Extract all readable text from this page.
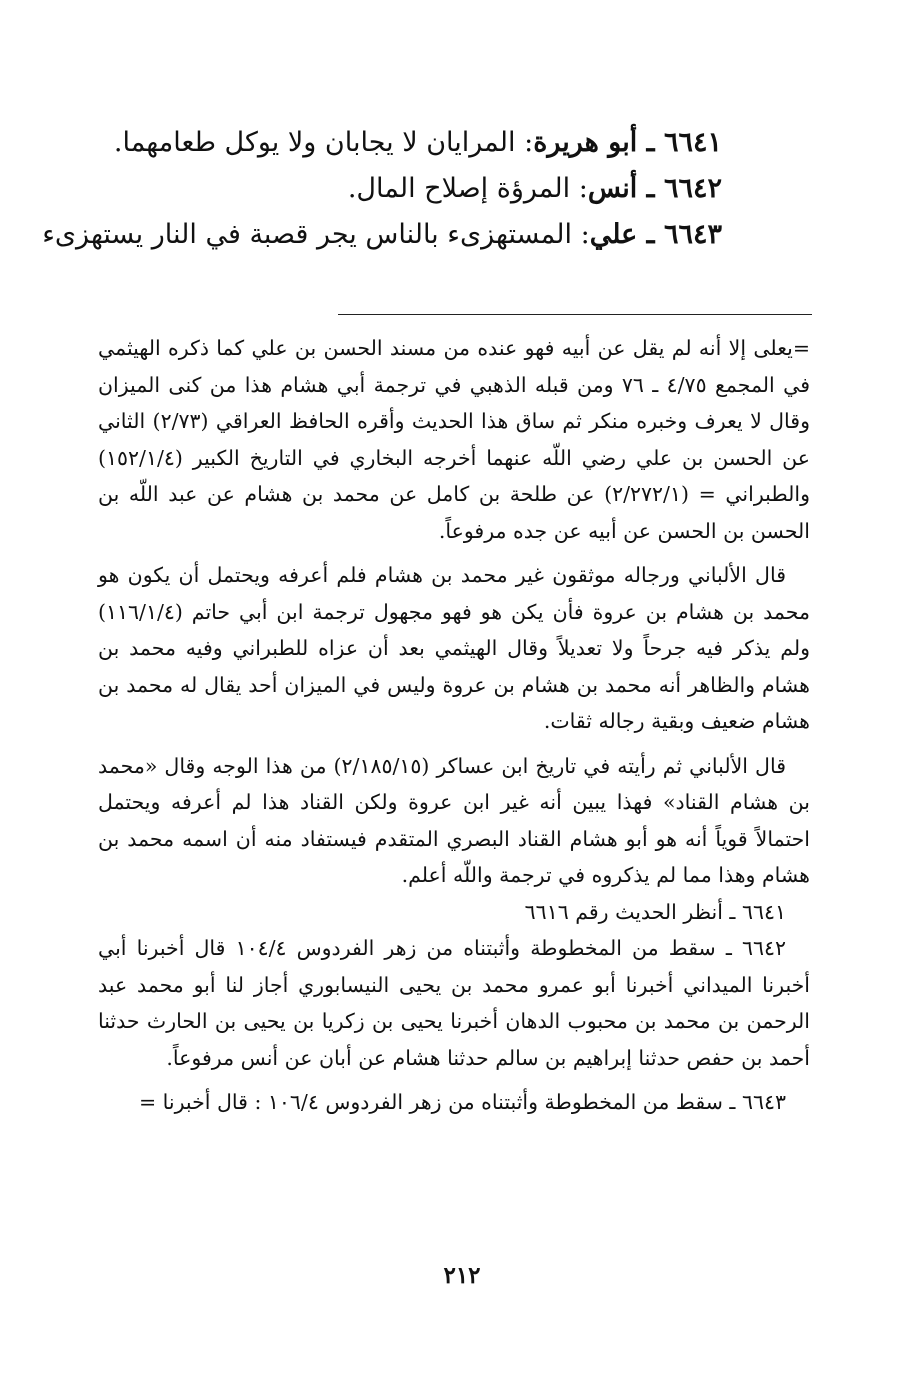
٦٦٤١ ـ أبو هريرة: المرايان لا يجابان ولا يوكل طعامهما.
٦٦٤٢ ـ أنس: المرؤة إصلاح المال.
٦٦٤٣ ـ علي: المستهزىء بالناس يجر قصبة في النار يستهزىء

=يعلى إلا أنه لم يقل عن أبيه فهو عنده من مسند الحسن بن علي كما ذكره الهيثمي في المجمع ٤/٧٥ ـ ٧٦ ومن قبله الذهبي في ترجمة أبي هشام هذا من كنى الميزان وقال لا يعرف وخبره منكر ثم ساق هذا الحديث وأقره الحافظ العراقي (٢/٧٣) الثاني عن الحسن بن علي رضي اللّه عنهما أخرجه البخاري في التاريخ الكبير (١٥٢/١/٤) والطبراني = (٢/٢٧٢/١) عن طلحة بن كامل عن محمد بن هشام عن عبد اللّه بن الحسن بن الحسن عن أبيه عن جده مرفوعاً.

قال الألباني ورجاله موثقون غير محمد بن هشام فلم أعرفه ويحتمل أن يكون هو محمد بن هشام بن عروة فأن يكن هو فهو مجهول ترجمة ابن أبي حاتم (١١٦/١/٤) ولم يذكر فيه جرحاً ولا تعديلاً وقال الهيثمي بعد أن عزاه للطبراني وفيه محمد بن هشام والظاهر أنه محمد بن هشام بن عروة وليس في الميزان أحد يقال له محمد بن هشام ضعيف وبقية رجاله ثقات.

قال الألباني ثم رأيته في تاريخ ابن عساكر (٢/١٨٥/١٥) من هذا الوجه وقال «محمد بن هشام القناد» فهذا يبين أنه غير ابن عروة ولكن القناد هذا لم أعرفه ويحتمل احتمالاً قوياً أنه هو أبو هشام القناد البصري المتقدم فيستفاد منه أن اسمه محمد بن هشام وهذا مما لم يذكروه في ترجمة واللّه أعلم.

٦٦٤١ ـ أنظر الحديث رقم ٦٦١٦

٦٦٤٢ ـ سقط من المخطوطة وأثبتناه من زهر الفردوس ١٠٤/٤ قال أخبرنا أبي أخبرنا الميداني أخبرنا أبو عمرو محمد بن يحيى النيسابوري أجاز لنا أبو محمد عبد الرحمن بن محمد بن محبوب الدهان أخبرنا يحيى بن زكريا بن يحيى بن الحارث حدثنا أحمد بن حفص حدثنا إبراهيم بن سالم حدثنا هشام عن أبان عن أنس مرفوعاً.

٦٦٤٣ ـ سقط من المخطوطة وأثبتناه من زهر الفردوس ١٠٦/٤ : قال أخبرنا =

٢١٢
